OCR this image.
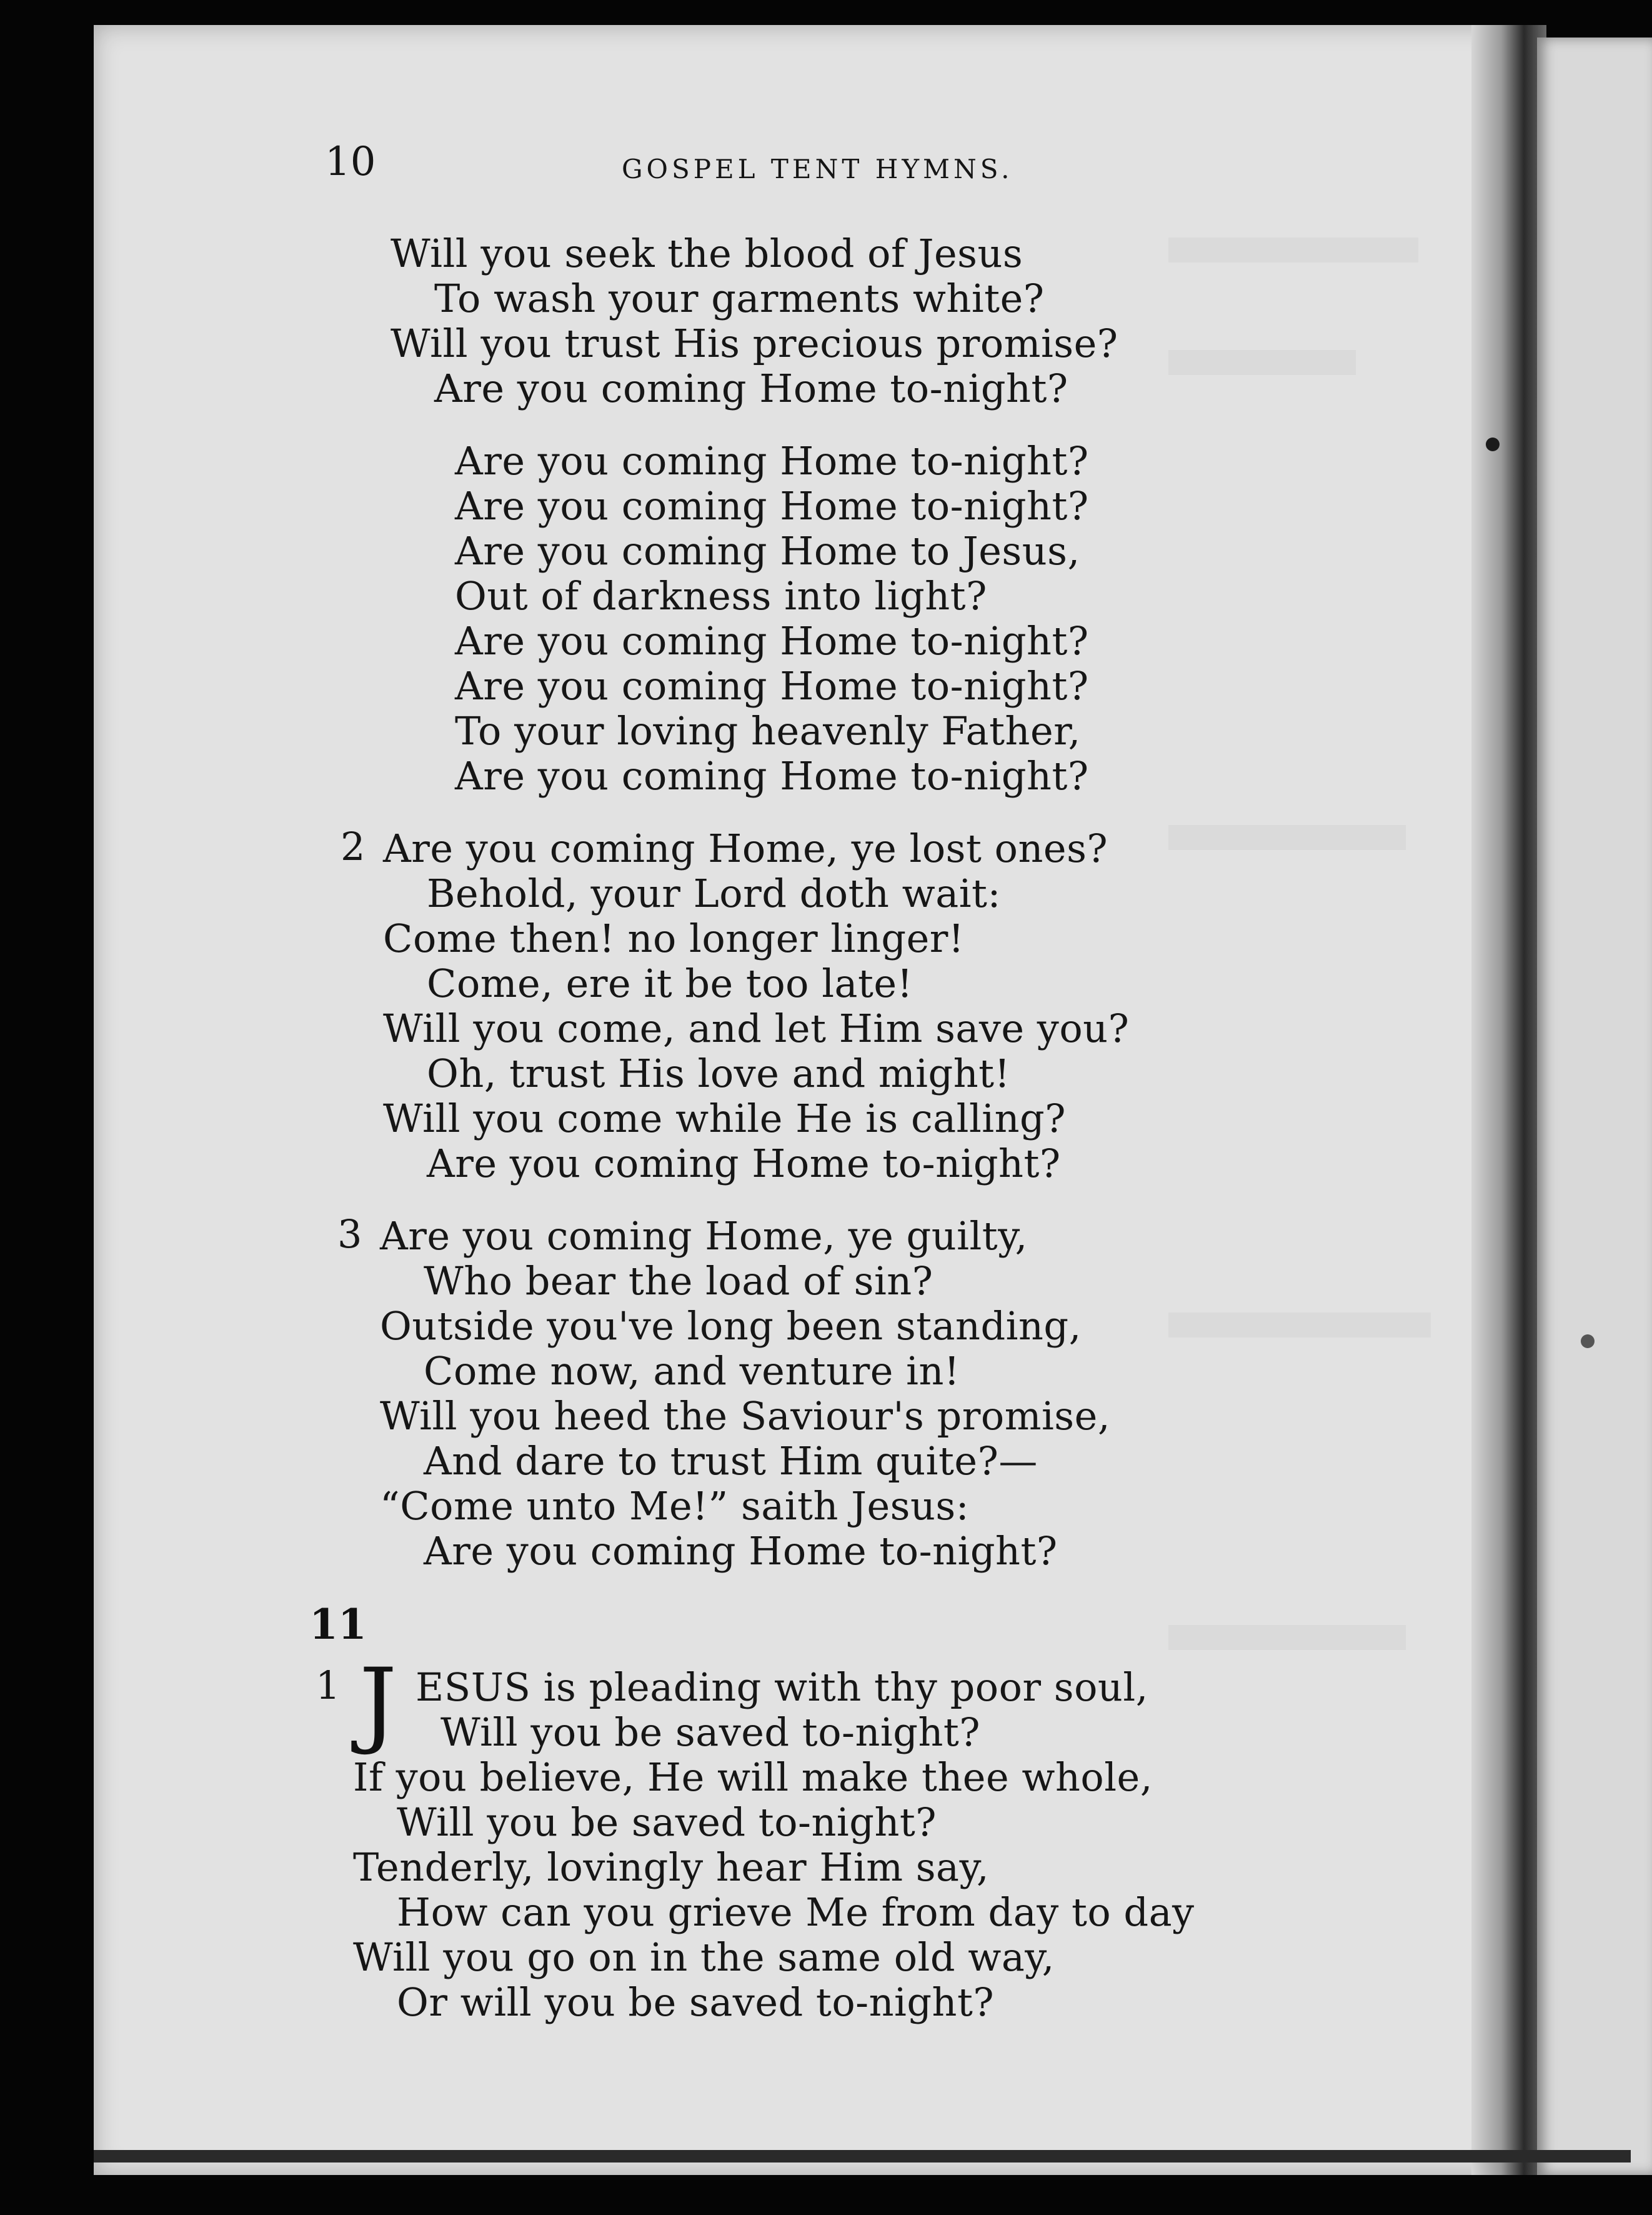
10	GOSPEL TENT HYMNS.
Will you seek the blood of Jesus
To wash your garments white?
Will you trust His precious promise?
Are you coming Home to-night?
Are you coming Home to-night?
Are you coming Home to-night?
Are you coming Home to Jesus,
Out of darkness into light?
Are you coming Home to-night?
Are you coming Home to-night?
To your loving heavenly Father,
Are you coming Home to-night?
2 Are you coming Home, ye lost ones?
Behold, your Lord doth wait:
Come then! no longer linger!
Come, ere it be too late!
Will you come, and let Him save you?
Oh, trust His love and might!
Will you come while He is calling?
Are you coming Home to-night?
3 Are you coming Home, ye guilty,
Who bear the load of sin?
Outside you've long been standing,
Come now, and venture in!
Will you heed the Saviour's promise,
And dare to trust Him quite?—
“Come unto Me!” saith Jesus:
Are you coming Home to-night?
11
1 J ESUS is pleading with thy poor soul,
Will you be saved to-night?
If you believe, He will make thee whole,
Will you be saved to-night?
Tenderly, lovingly hear Him say,
How can you grieve Me from day to day
Will you go on in the same old way,
Or will you be saved to-night?
